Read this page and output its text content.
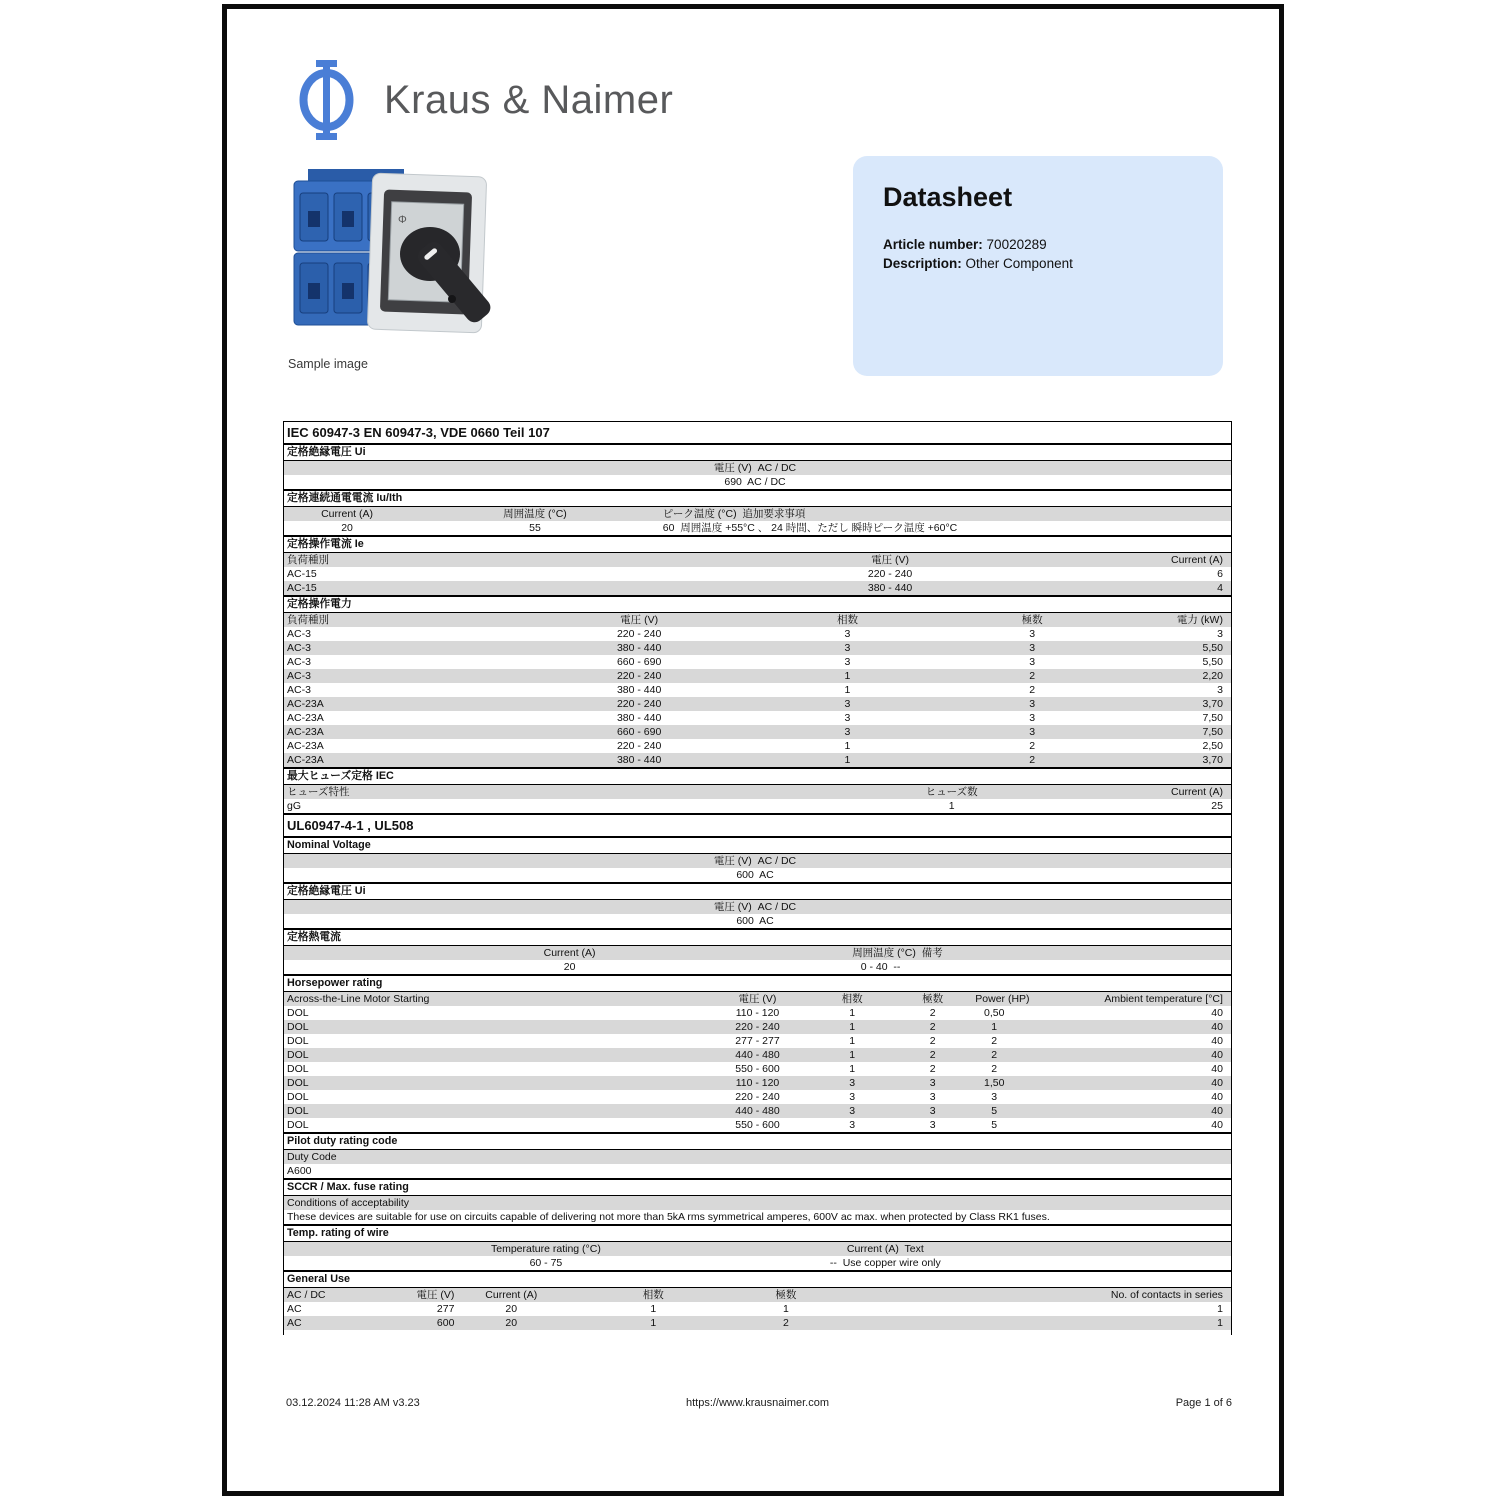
Kraus & Naimer
Φ
Sample image
Datasheet
Article number: 70020289
Description: Other Component
IEC 60947-3 EN 60947-3, VDE 0660 Teil 107
定格絶縁電圧 Ui
電圧 (V)  AC / DC
690  AC / DC
定格連続通電電流 Iu/Ith
Current (A)	周囲温度 (°C)	ピーク温度 (°C)  追加要求事項
20	55	60  周囲温度 +55°C 、 24 時間、ただし 瞬時ピーク温度 +60°C
定格操作電流 Ie
負荷種別	電圧 (V)	Current (A)
AC-15	220 - 240	6
AC-15	380 - 440	4
定格操作電力
負荷種別	電圧 (V)	相数	極数	電力 (kW)
AC-3	220 - 240	3	3	3
AC-3	380 - 440	3	3	5,50
AC-3	660 - 690	3	3	5,50
AC-3	220 - 240	1	2	2,20
AC-3	380 - 440	1	2	3
AC-23A	220 - 240	3	3	3,70
AC-23A	380 - 440	3	3	7,50
AC-23A	660 - 690	3	3	7,50
AC-23A	220 - 240	1	2	2,50
AC-23A	380 - 440	1	2	3,70
最大ヒューズ定格 IEC
ヒューズ特性	ヒューズ数	Current (A)
gG	1	25
UL60947-4-1 , UL508
Nominal Voltage
電圧 (V)  AC / DC
600  AC
定格絶縁電圧 Ui
電圧 (V)  AC / DC
600  AC
定格熱電流
Current (A)	周囲温度 (°C)  備考
20	0 - 40  --
Horsepower rating
Across-the-Line Motor Starting	電圧 (V)	相数	極数	Power (HP)	Ambient temperature [°C]
DOL	110 - 120	1	2	0,50	40
DOL	220 - 240	1	2	1	40
DOL	277 - 277	1	2	2	40
DOL	440 - 480	1	2	2	40
DOL	550 - 600	1	2	2	40
DOL	110 - 120	3	3	1,50	40
DOL	220 - 240	3	3	3	40
DOL	440 - 480	3	3	5	40
DOL	550 - 600	3	3	5	40
Pilot duty rating code
Duty Code
A600
SCCR / Max. fuse rating
Conditions of acceptability
These devices are suitable for use on circuits capable of delivering not more than 5kA rms symmetrical amperes, 600V ac max. when protected by Class RK1 fuses.
Temp. rating of wire
Temperature rating (°C)	Current (A)  Text
60 - 75	--  Use copper wire only
General Use
AC / DC	電圧 (V)	Current (A)	相数	極数	No. of contacts in series
AC	277	20	1	1	1
AC	600	20	1	2	1
https://www.krausnaimer.com
03.12.2024 11:28 AM v3.23	Page 1 of 6
